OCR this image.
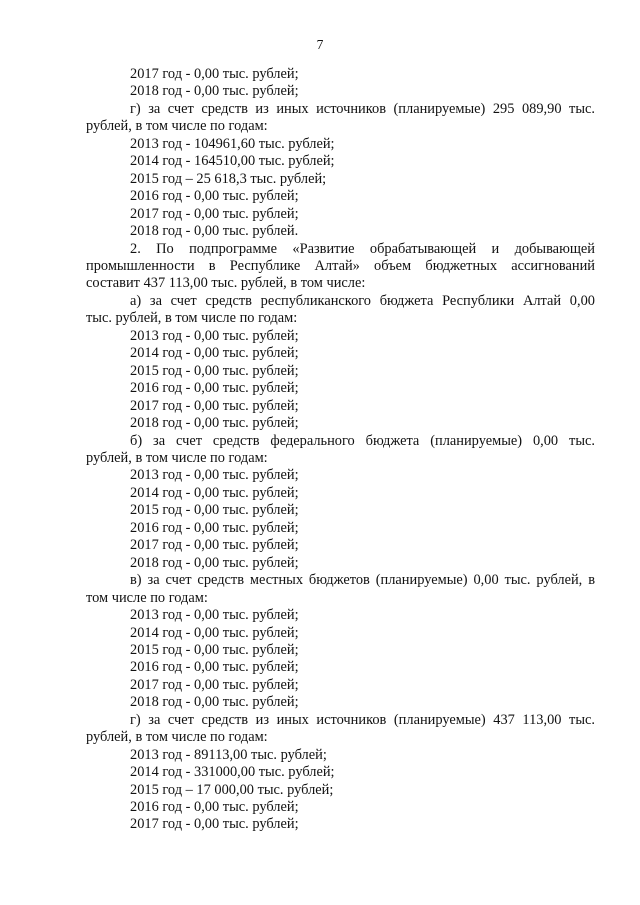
7
2017 год - 0,00 тыс. рублей;
2018 год - 0,00 тыс. рублей;
г) за счет средств из иных источников (планируемые) 295 089,90 тыс.
рублей, в том числе по годам:
2013 год - 104961,60 тыс. рублей;
2014 год - 164510,00 тыс. рублей;
2015 год – 25 618,3 тыс. рублей;
2016 год - 0,00 тыс. рублей;
2017 год - 0,00 тыс. рублей;
2018 год - 0,00 тыс. рублей.
2. По подпрограмме «Развитие обрабатывающей и добывающей
промышленности в Республике Алтай» объем бюджетных ассигнований
составит 437 113,00 тыс. рублей, в том числе:
а) за счет средств республиканского бюджета Республики Алтай 0,00
тыс. рублей, в том числе по годам:
2013 год - 0,00 тыс. рублей;
2014 год - 0,00 тыс. рублей;
2015 год - 0,00 тыс. рублей;
2016 год - 0,00 тыс. рублей;
2017 год - 0,00 тыс. рублей;
2018 год - 0,00 тыс. рублей;
б) за счет средств федерального бюджета (планируемые) 0,00 тыс.
рублей, в том числе по годам:
2013 год - 0,00 тыс. рублей;
2014 год - 0,00 тыс. рублей;
2015 год - 0,00 тыс. рублей;
2016 год - 0,00 тыс. рублей;
2017 год - 0,00 тыс. рублей;
2018 год - 0,00 тыс. рублей;
в) за счет средств местных бюджетов (планируемые) 0,00 тыс. рублей, в
том числе по годам:
2013 год - 0,00 тыс. рублей;
2014 год - 0,00 тыс. рублей;
2015 год - 0,00 тыс. рублей;
2016 год - 0,00 тыс. рублей;
2017 год - 0,00 тыс. рублей;
2018 год - 0,00 тыс. рублей;
г) за счет средств из иных источников (планируемые) 437 113,00 тыс.
рублей, в том числе по годам:
2013 год - 89113,00 тыс. рублей;
2014 год - 331000,00 тыс. рублей;
2015 год – 17 000,00 тыс. рублей;
2016 год - 0,00 тыс. рублей;
2017 год - 0,00 тыс. рублей;
